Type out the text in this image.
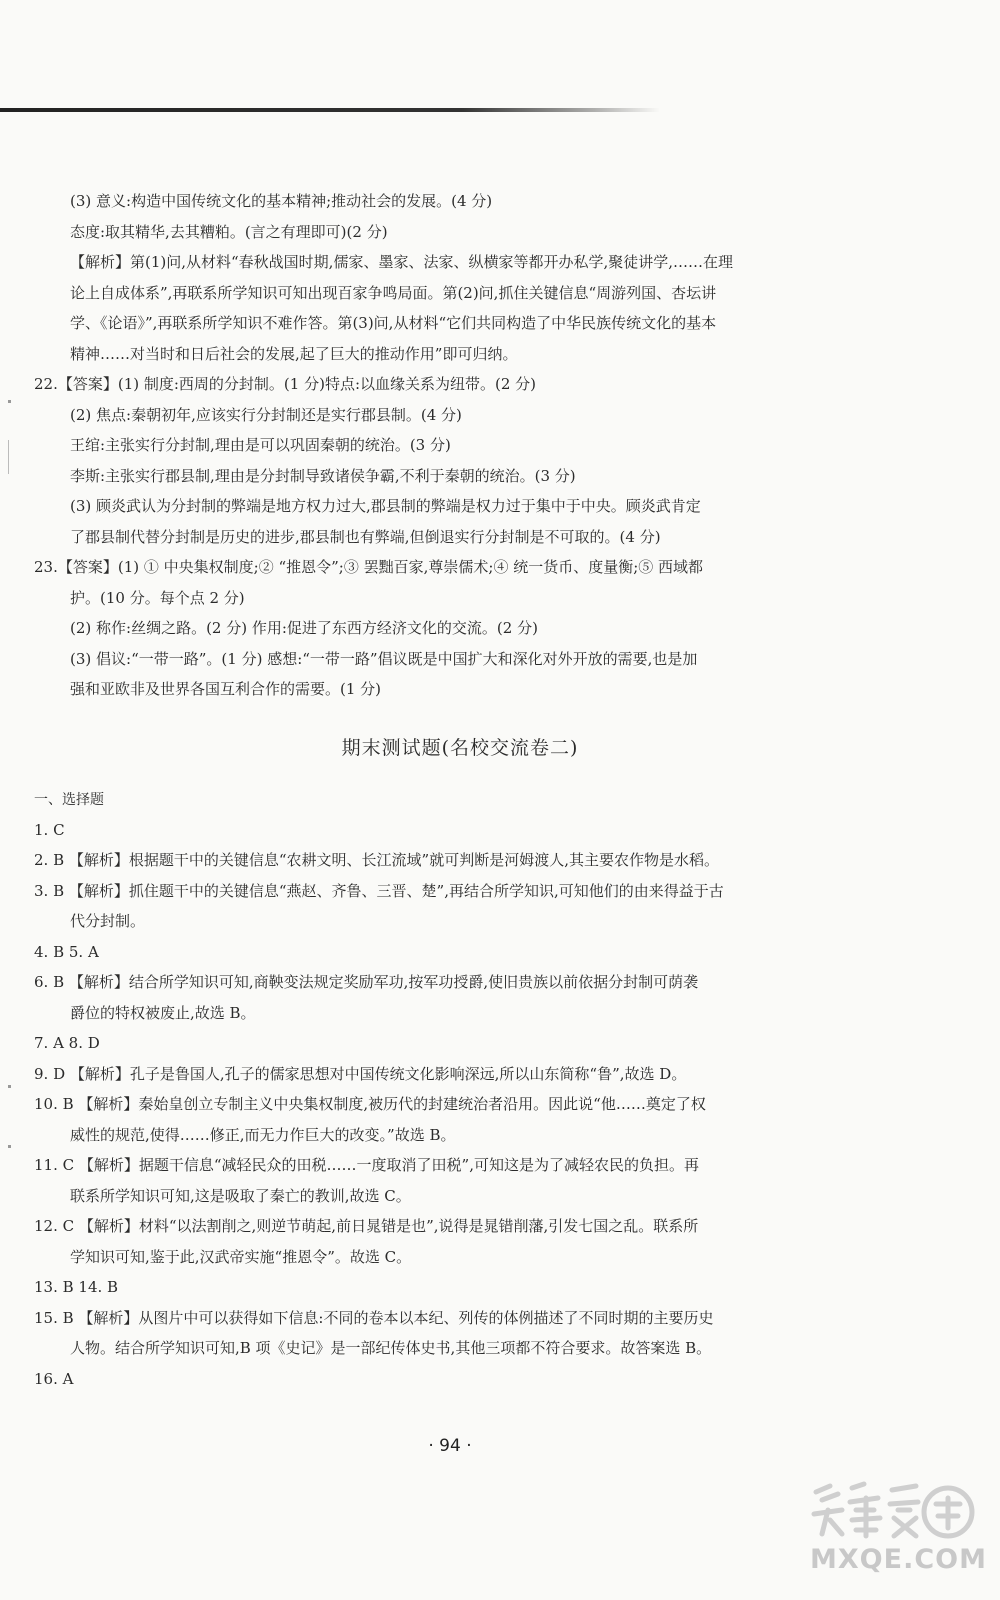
(3) 意义:构造中国传统文化的基本精神;推动社会的发展。(4 分)
态度:取其精华,去其糟粕。(言之有理即可)(2 分)
【解析】第(1)问,从材料“春秋战国时期,儒家、墨家、法家、纵横家等都开办私学,聚徒讲学,……在理
论上自成体系”,再联系所学知识可知出现百家争鸣局面。第(2)问,抓住关键信息“周游列国、杏坛讲
学、《论语》”,再联系所学知识不难作答。第(3)问,从材料“它们共同构造了中华民族传统文化的基本
精神……对当时和日后社会的发展,起了巨大的推动作用”即可归纳。
22.【答案】(1) 制度:西周的分封制。(1 分)特点:以血缘关系为纽带。(2 分)
(2) 焦点:秦朝初年,应该实行分封制还是实行郡县制。(4 分)
王绾:主张实行分封制,理由是可以巩固秦朝的统治。(3 分)
李斯:主张实行郡县制,理由是分封制导致诸侯争霸,不利于秦朝的统治。(3 分)
(3) 顾炎武认为分封制的弊端是地方权力过大,郡县制的弊端是权力过于集中于中央。顾炎武肯定
了郡县制代替分封制是历史的进步,郡县制也有弊端,但倒退实行分封制是不可取的。(4 分)
23.【答案】(1) ① 中央集权制度;② “推恩令”;③ 罢黜百家,尊崇儒术;④ 统一货币、度量衡;⑤ 西域都
护。(10 分。每个点 2 分)
(2) 称作:丝绸之路。(2 分) 作用:促进了东西方经济文化的交流。(2 分)
(3) 倡议:“一带一路”。(1 分) 感想:“一带一路”倡议既是中国扩大和深化对外开放的需要,也是加
强和亚欧非及世界各国互利合作的需要。(1 分)
期末测试题(名校交流卷二)
一、选择题
1. C
2. B 【解析】根据题干中的关键信息“农耕文明、长江流域”就可判断是河姆渡人,其主要农作物是水稻。
3. B 【解析】抓住题干中的关键信息“燕赵、齐鲁、三晋、楚”,再结合所学知识,可知他们的由来得益于古
代分封制。
4. B 5. A
6. B 【解析】结合所学知识可知,商鞅变法规定奖励军功,按军功授爵,使旧贵族以前依据分封制可荫袭
爵位的特权被废止,故选 B。
7. A 8. D
9. D 【解析】孔子是鲁国人,孔子的儒家思想对中国传统文化影响深远,所以山东简称“鲁”,故选 D。
10. B 【解析】秦始皇创立专制主义中央集权制度,被历代的封建统治者沿用。因此说“他……奠定了权
威性的规范,使得……修正,而无力作巨大的改变。”故选 B。
11. C 【解析】据题干信息“减轻民众的田税……一度取消了田税”,可知这是为了减轻农民的负担。再
联系所学知识可知,这是吸取了秦亡的教训,故选 C。
12. C 【解析】材料“以法割削之,则逆节萌起,前日晁错是也”,说得是晁错削藩,引发七国之乱。联系所
学知识可知,鉴于此,汉武帝实施“推恩令”。故选 C。
13. B 14. B
15. B 【解析】从图片中可以获得如下信息:不同的卷本以本纪、列传的体例描述了不同时期的主要历史
人物。结合所学知识可知,B 项《史记》是一部纪传体史书,其他三项都不符合要求。故答案选 B。
16. A
· 94 ·
MXQE.COM
